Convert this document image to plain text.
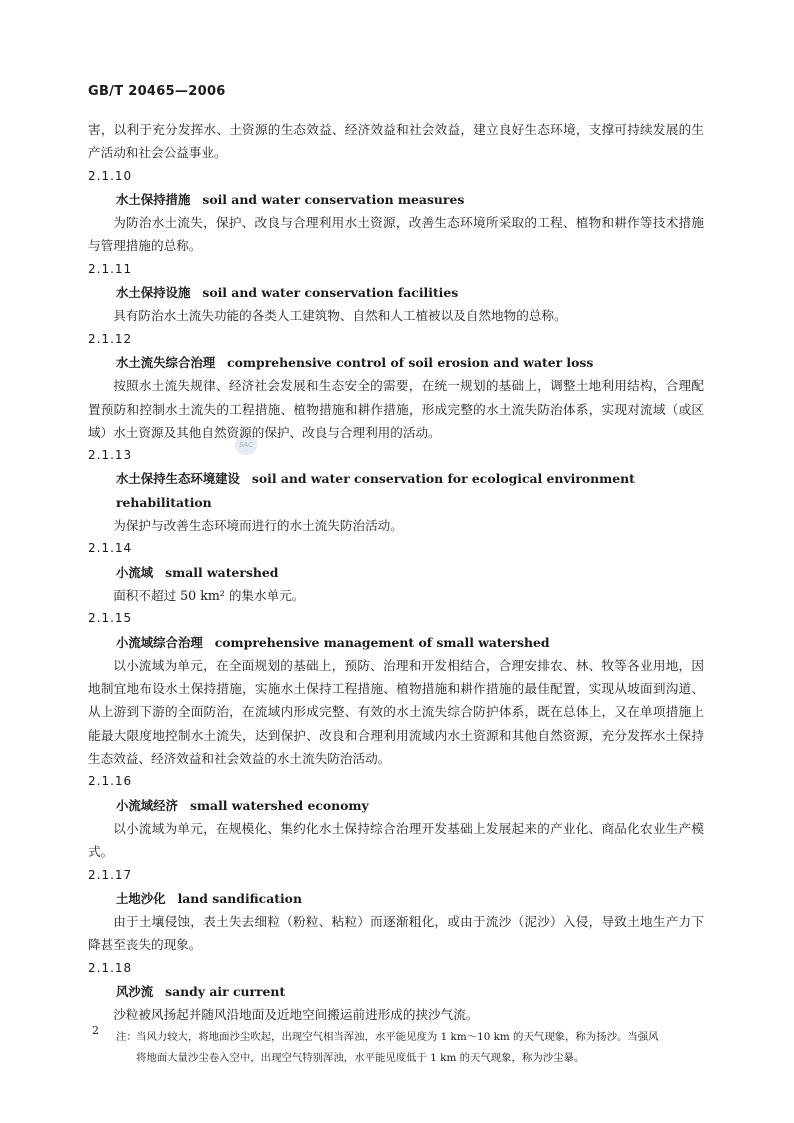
GB/T 20465—2006
SAC
害，以利于充分发挥水、土资源的生态效益、经济效益和社会效益，建立良好生态环境，支撑可持续发展的生产活动和社会公益事业。
2.1.10
水土保持措施 soil and water conservation measures
为防治水土流失，保护、改良与合理利用水土资源，改善生态环境所采取的工程、植物和耕作等技术措施与管理措施的总称。
2.1.11
水土保持设施 soil and water conservation facilities
具有防治水土流失功能的各类人工建筑物、自然和人工植被以及自然地物的总称。
2.1.12
水土流失综合治理 comprehensive control of soil erosion and water loss
按照水土流失规律、经济社会发展和生态安全的需要，在统一规划的基础上，调整土地利用结构，合理配置预防和控制水土流失的工程措施、植物措施和耕作措施，形成完整的水土流失防治体系，实现对流域（或区域）水土资源及其他自然资源的保护、改良与合理利用的活动。
2.1.13
水土保持生态环境建设 soil and water conservation for ecological environment rehabilitation
为保护与改善生态环境而进行的水土流失防治活动。
2.1.14
小流域 small watershed
面积不超过 50 km² 的集水单元。
2.1.15
小流域综合治理 comprehensive management of small watershed
以小流域为单元，在全面规划的基础上，预防、治理和开发相结合，合理安排农、林、牧等各业用地，因地制宜地布设水土保持措施，实施水土保持工程措施、植物措施和耕作措施的最佳配置，实现从坡面到沟道、从上游到下游的全面防治，在流域内形成完整、有效的水土流失综合防护体系，既在总体上，又在单项措施上能最大限度地控制水土流失，达到保护、改良和合理利用流域内水土资源和其他自然资源，充分发挥水土保持生态效益、经济效益和社会效益的水土流失防治活动。
2.1.16
小流域经济 small watershed economy
以小流域为单元，在规模化、集约化水土保持综合治理开发基础上发展起来的产业化、商品化农业生产模式。
2.1.17
土地沙化 land sandification
由于土壤侵蚀，表土失去细粒（粉粒、粘粒）而逐渐粗化，或由于流沙（泥沙）入侵，导致土地生产力下降甚至丧失的现象。
2.1.18
风沙流 sandy air current
沙粒被风扬起并随风沿地面及近地空间搬运前进形成的挟沙气流。
注：当风力较大，将地面沙尘吹起，出现空气相当浑浊，水平能见度为 1 km～10 km 的天气现象，称为扬沙。当强风
将地面大量沙尘卷入空中，出现空气特别浑浊，水平能见度低于 1 km 的天气现象，称为沙尘暴。
2
